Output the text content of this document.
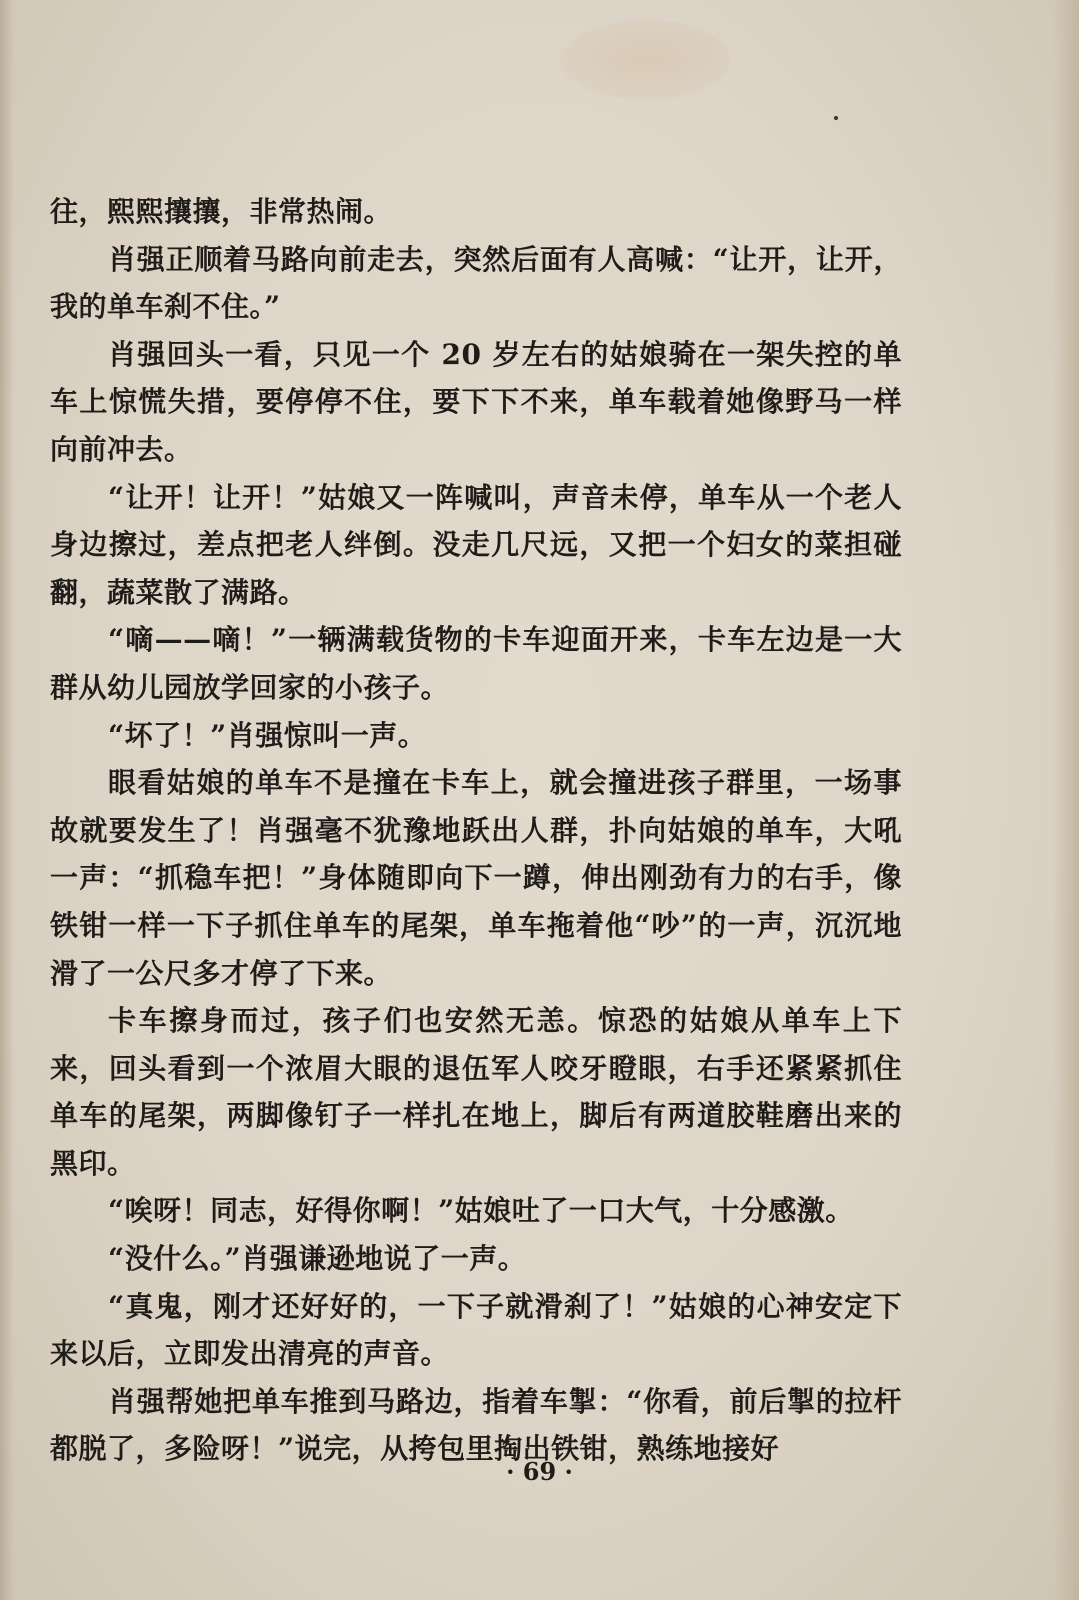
往，熙熙攘攘，非常热闹。

肖强正顺着马路向前走去，突然后面有人高喊：“让开，让开，我的单车刹不住。”

肖强回头一看，只见一个 20 岁左右的姑娘骑在一架失控的单车上惊慌失措，要停停不住，要下下不来，单车载着她像野马一样向前冲去。

“让开！让开！”姑娘又一阵喊叫，声音未停，单车从一个老人身边擦过，差点把老人绊倒。没走几尺远，又把一个妇女的菜担碰翻，蔬菜散了满路。

“嘀——嘀！”一辆满载货物的卡车迎面开来，卡车左边是一大群从幼儿园放学回家的小孩子。

“坏了！”肖强惊叫一声。

眼看姑娘的单车不是撞在卡车上，就会撞进孩子群里，一场事故就要发生了！肖强毫不犹豫地跃出人群，扑向姑娘的单车，大吼一声：“抓稳车把！”身体随即向下一蹲，伸出刚劲有力的右手，像铁钳一样一下子抓住单车的尾架，单车拖着他“吵”的一声，沉沉地滑了一公尺多才停了下来。

卡车擦身而过，孩子们也安然无恙。惊恐的姑娘从单车上下来，回头看到一个浓眉大眼的退伍军人咬牙瞪眼，右手还紧紧抓住单车的尾架，两脚像钉子一样扎在地上，脚后有两道胶鞋磨出来的黑印。

“唉呀！同志，好得你啊！”姑娘吐了一口大气，十分感激。

“没什么。”肖强谦逊地说了一声。

“真鬼，刚才还好好的，一下子就滑刹了！”姑娘的心神安定下来以后，立即发出清亮的声音。

肖强帮她把单车推到马路边，指着车掣：“你看，前后掣的拉杆都脱了，多险呀！”说完，从挎包里掏出铁钳，熟练地接好

· 69 ·
